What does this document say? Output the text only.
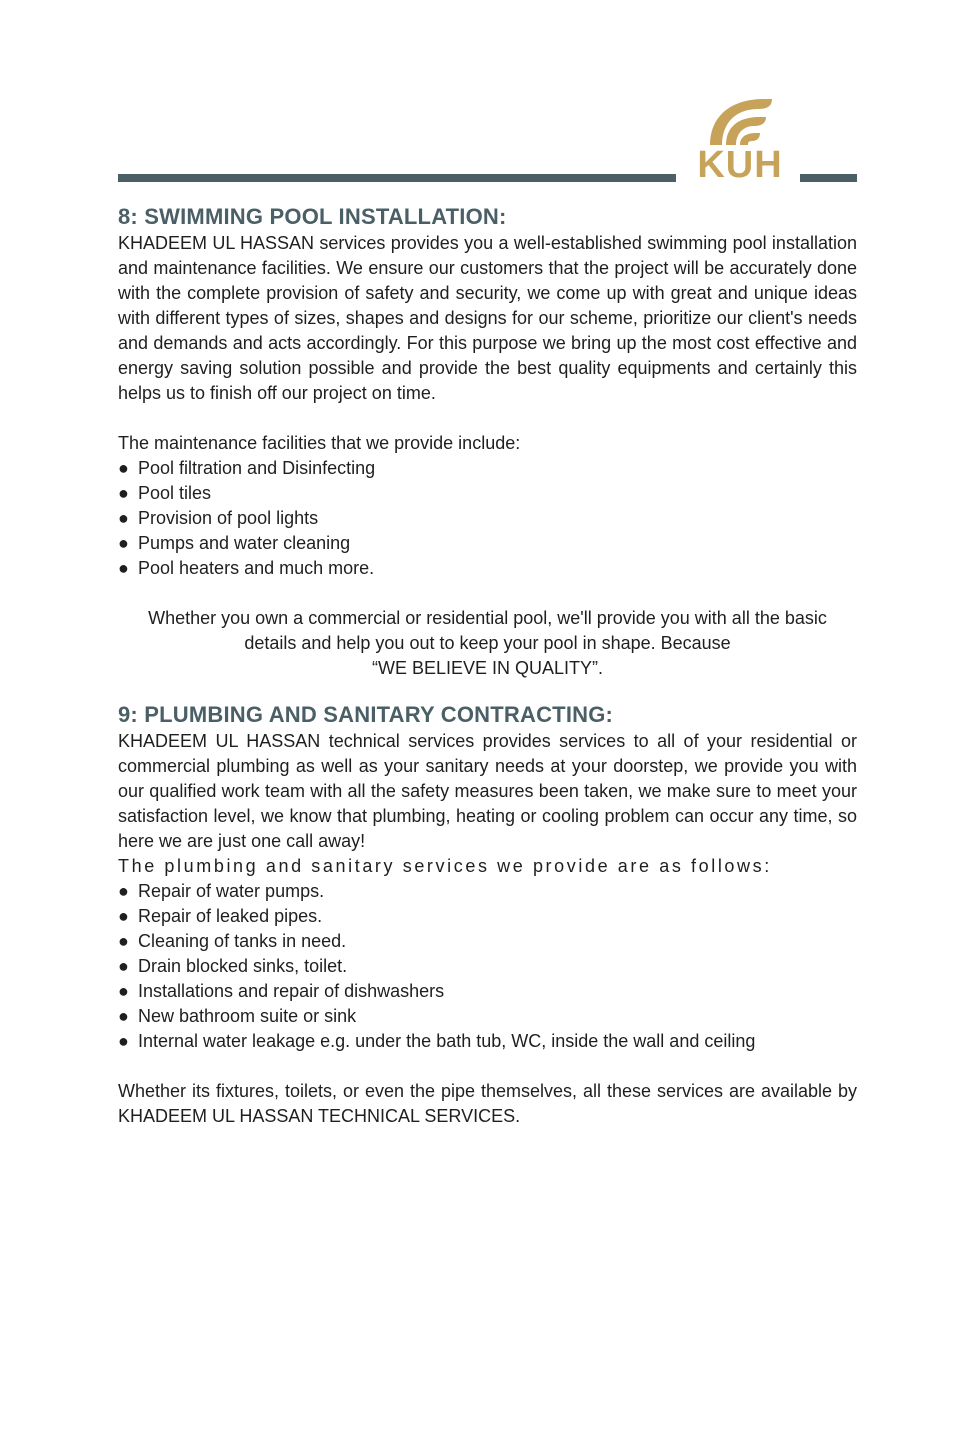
KUH
8: SWIMMING POOL INSTALLATION:

KHADEEM UL HASSAN services provides you a well-established swimming pool installation and maintenance facilities. We ensure our customers that the project will be accurately done with the complete provision of safety and security, we come up with great and unique ideas with different types of sizes, shapes and designs for our scheme, prioritize our client's needs and demands and acts accordingly. For this purpose we bring up the most cost effective and energy saving solution possible and provide the best quality equipments and certainly this helps us to finish off our project on time.

The maintenance facilities that we provide include:

● Pool filtration and Disinfecting
● Pool tiles
● Provision of pool lights
● Pumps and water cleaning
● Pool heaters and much more.

Whether you own a commercial or residential pool, we'll provide you with all the basic details and help you out to keep your pool in shape. Because

“WE BELIEVE IN QUALITY”.

9: PLUMBING AND SANITARY CONTRACTING:

KHADEEM UL HASSAN technical services provides services to all of your residential or commercial plumbing as well as your sanitary needs at your doorstep, we provide you with our qualified work team with all the safety measures been taken, we make sure to meet your satisfaction level, we know that plumbing, heating or cooling problem can occur any time, so here we are just one call away!

The plumbing and sanitary services we provide are as follows:

● Repair of water pumps.
● Repair of leaked pipes.
● Cleaning of tanks in need.
● Drain blocked sinks, toilet.
● Installations and repair of dishwashers
● New bathroom suite or sink
● Internal water leakage e.g. under the bath tub, WC, inside the wall and ceiling

Whether its fixtures, toilets, or even the pipe themselves, all these services are available by KHADEEM UL HASSAN TECHNICAL SERVICES.
